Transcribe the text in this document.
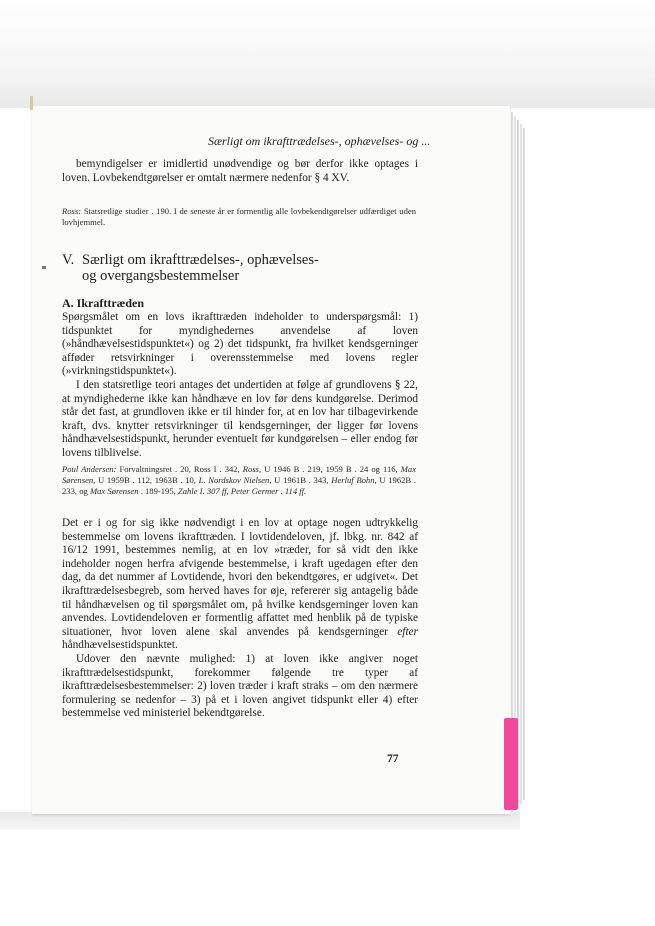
Særligt om ikrafttrædelses-, ophævelses- og ...

bemyndigelser er imidlertid unødvendige og bør derfor ikke optages i loven. Lovbekendtgørelser er omtalt nærmere nedenfor § 4 XV.

Ross: Statsretlige studier . 190. I de seneste år er formentlig alle lovbekendtgørelser udfærdiget uden lovhjemmel.
V. Særligt om ikrafttrædelses-, ophævelses-
og overgangsbestemmelser
A. Ikrafttræden

Spørgsmålet om en lovs ikrafttræden indeholder to underspørgsmål: 1) tidspunktet for myndighedernes anvendelse af loven (»håndhævelsestidspunktet«) og 2) det tidspunkt, fra hvilket kendsgerninger afføder retsvirkninger i overensstemmelse med lovens regler (»virkningstidspunktet«).

I den statsretlige teori antages det undertiden at følge af grundlovens § 22, at myndighederne ikke kan håndhæve en lov før dens kundgørelse. Derimod står det fast, at grundloven ikke er til hinder for, at en lov har tilbagevirkende kraft, dvs. knytter retsvirkninger til kendsgerninger, der ligger før lovens håndhævelsestidspunkt, herunder eventuelt før kundgørelsen – eller endog før lovens tilblivelse.

Poul Andersen: Forvaltningsret . 20, Ross I . 342, Ross, U 1946 B . 219, 1959 B . 24 og 116, Max Sørensen, U 1959B . 112, 1963B . 10, L. Nordskov Nielsen, U 1961B . 343, Herluf Bohn, U 1962B . 233, og Max Sørensen . 189-195, Zahle I. 307 ff, Peter Germer . 114 ff.

Det er i og for sig ikke nødvendigt i en lov at optage nogen udtrykkelig bestemmelse om lovens ikrafttræden. I lovtidendeloven, jf. lbkg. nr. 842 af 16/12 1991, bestemmes nemlig, at en lov »træder, for så vidt den ikke indeholder nogen herfra afvigende bestemmelse, i kraft ugedagen efter den dag, da det nummer af Lovtidende, hvori den bekendtgøres, er udgivet«. Det ikrafttrædelsesbegreb, som herved haves for øje, refererer sig antagelig både til håndhævelsen og til spørgsmålet om, på hvilke kendsgerninger loven kan anvendes. Lovtidendeloven er formentlig affattet med henblik på de typiske situationer, hvor loven alene skal anvendes på kendsgerninger efter håndhævelsestidspunktet.

Udover den nævnte mulighed: 1) at loven ikke angiver noget ikrafttrædelsestidspunkt, forekommer følgende tre typer af ikrafttrædelsesbestemmelser: 2) loven træder i kraft straks – om den nærmere formulering se nedenfor – 3) på et i loven angivet tidspunkt eller 4) efter bestemmelse ved ministeriel bekendtgørelse.

77
